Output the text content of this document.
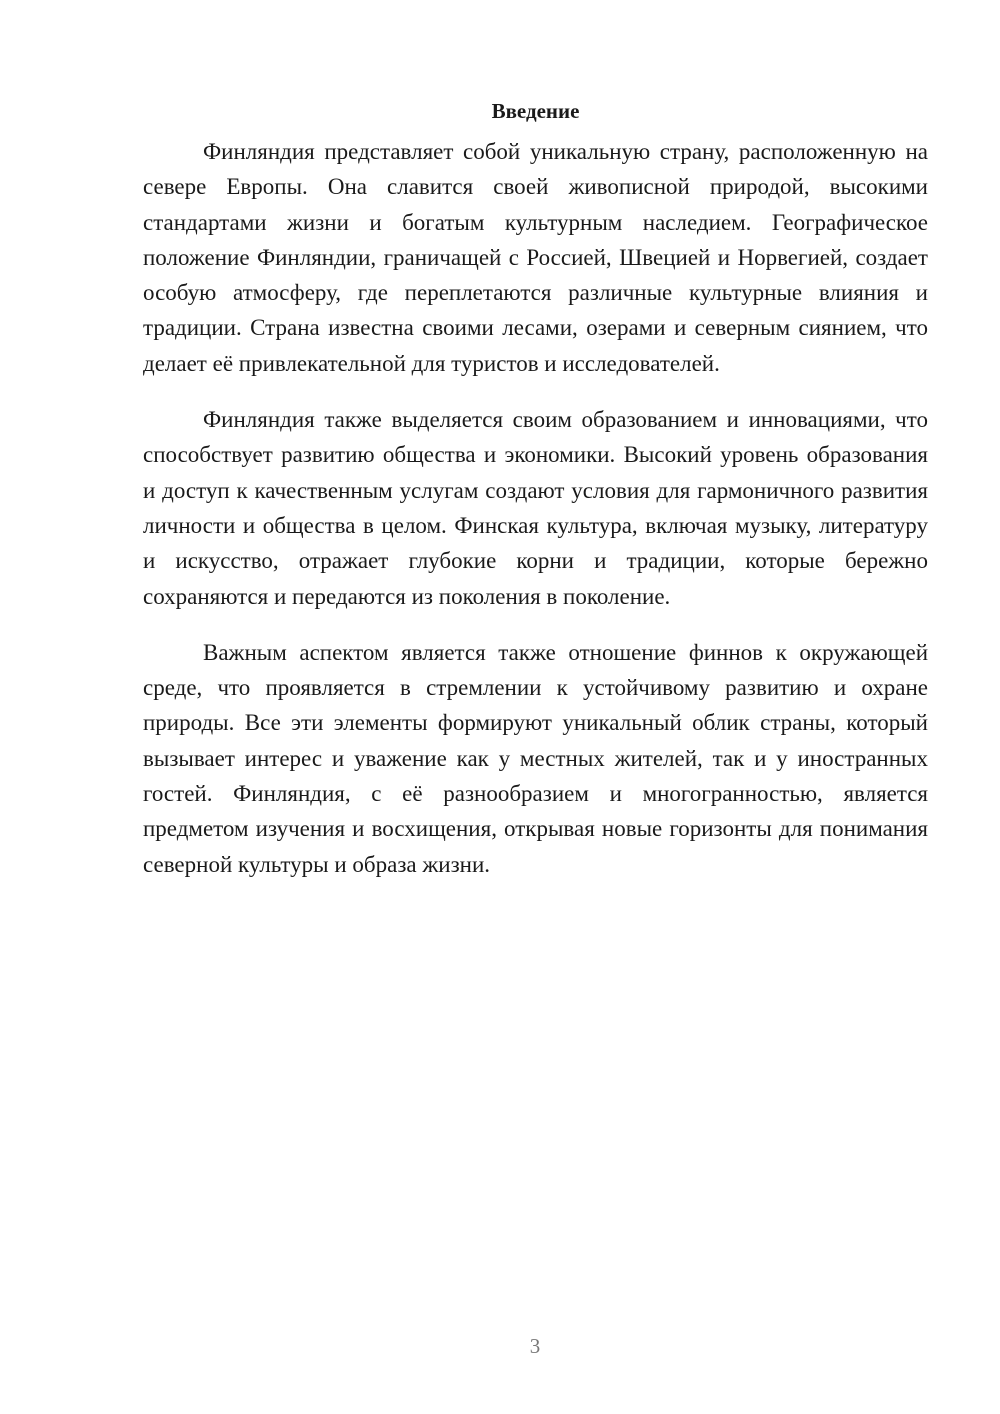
Введение

Финляндия представляет собой уникальную страну, расположенную на севере Европы. Она славится своей живописной природой, высокими стандартами жизни и богатым культурным наследием. Географическое положение Финляндии, граничащей с Россией, Швецией и Норвегией, создает особую атмосферу, где переплетаются различные культурные влияния и традиции. Страна известна своими лесами, озерами и северным сиянием, что делает её привлекательной для туристов и исследователей.

Финляндия также выделяется своим образованием и инновациями, что способствует развитию общества и экономики. Высокий уровень образования и доступ к качественным услугам создают условия для гармоничного развития личности и общества в целом. Финская культура, включая музыку, литературу и искусство, отражает глубокие корни и традиции, которые бережно сохраняются и передаются из поколения в поколение.

Важным аспектом является также отношение финнов к окружающей среде, что проявляется в стремлении к устойчивому развитию и охране природы. Все эти элементы формируют уникальный облик страны, который вызывает интерес и уважение как у местных жителей, так и у иностранных гостей. Финляндия, с её разнообразием и многогранностью, является предметом изучения и восхищения, открывая новые горизонты для понимания северной культуры и образа жизни.

3
